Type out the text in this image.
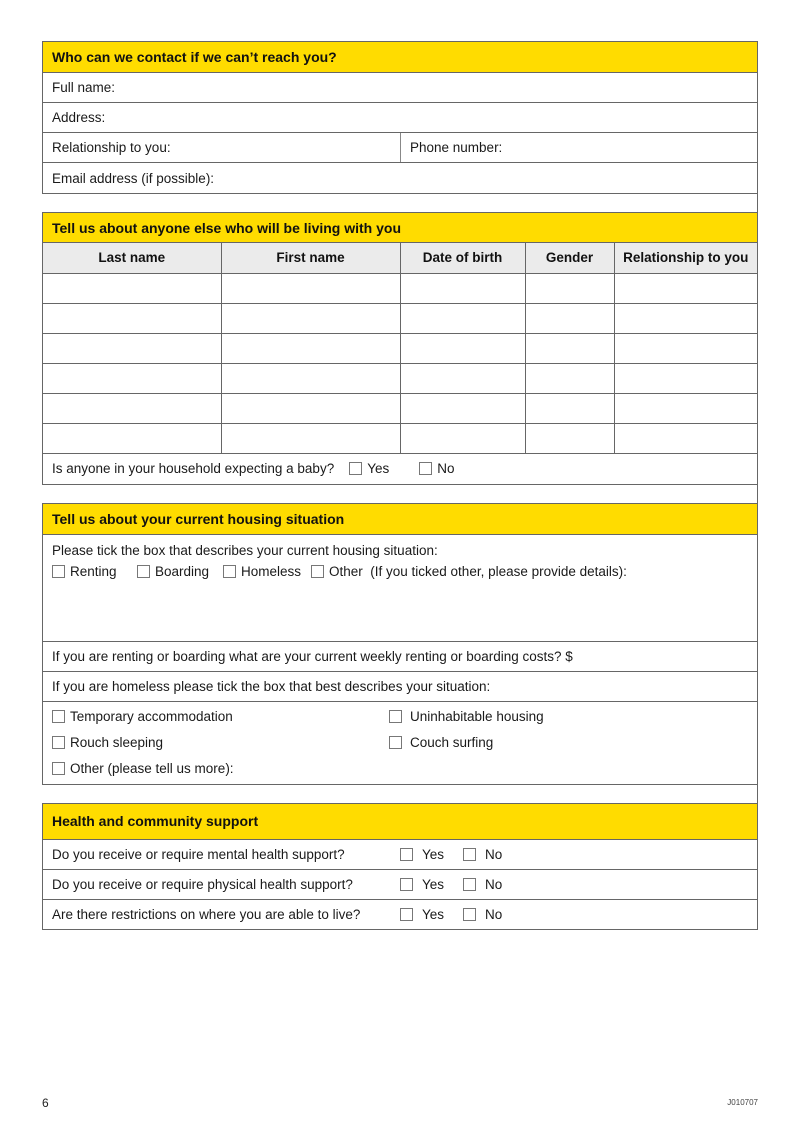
Who can we contact if we can’t reach you?
Full name:
Address:
Relationship to you:	Phone number:
Email address (if possible):
Tell us about anyone else who will be living with you
Last name	First name	Date of birth	Gender	Relationship to you

Is anyone in your household expecting a baby? Yes	No
Tell us about your current housing situation
Please tick the box that describes your current housing situation:
Renting	Boarding Homeless Other  (If you ticked other, please provide details):
If you are renting or boarding what are your current weekly renting or boarding costs? $
If you are homeless please tick the box that best describes your situation:
Temporary accommodation	Uninhabitable housing
Rouch sleeping	Couch surfing
Other (please tell us more):
Health and community support
Do you receive or require mental health support?	Yes	No
Do you receive or require physical health support?	Yes	No
Are there restrictions on where you are able to live?	Yes	No
6	J010707
